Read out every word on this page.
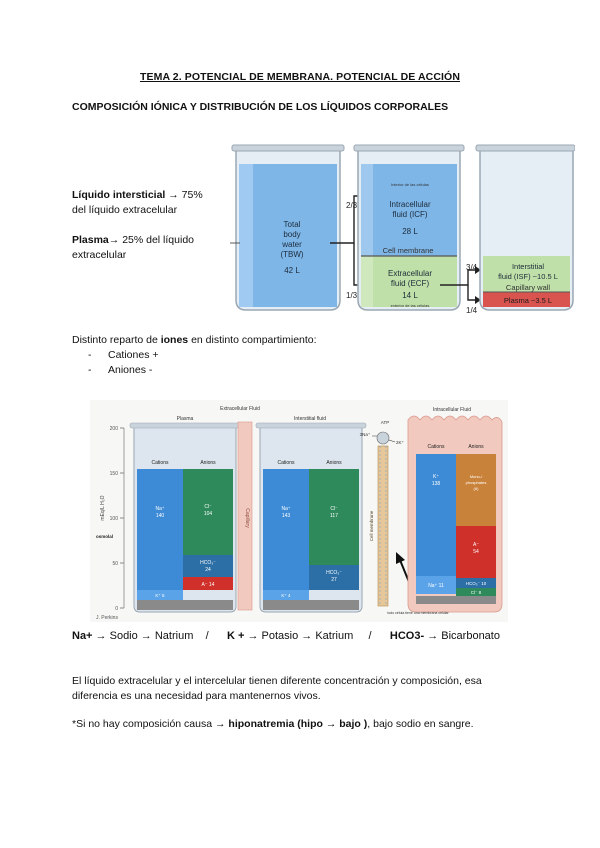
TEMA 2. POTENCIAL DE MEMBRANA. POTENCIAL DE ACCIÓN
COMPOSICIÓN IÓNICA Y DISTRIBUCIÓN DE LOS LÍQUIDOS CORPORALES
Líquido intersticial → 75%
del líquido extracelular
Plasma→ 25% del líquido
extracelular
Total
body
water
(TBW)
42 L
2/3
1/3
Interior de las células
Intracellular
fluid (ICF)
28 L
Cell membrane
Extracellular
fluid (ECF)
14 L
exterior de las células
3/4
1/4
Interstitial
fluid (ISF) ~10.5 L
Capillary wall
Plasma ~3.5 L
Distinto reparto de iones en distinto compartimiento:
- Cationes +
- Aniones -
200
150
100
50
0
mEq/L H₂O
osmolal
Extracellular Fluid
Plasma	Interstitial fluid
Intracellular Fluid
Cations	Anions
Na⁺
140
Cl⁻
104
HCO₃⁻
24
A⁻ 14
K⁺ 5
Capillary
Cations	Anions
Na⁺
143
Cl⁻
117
HCO₃⁻
27
K⁺ 4
Cell membrane
ATP
3Na⁺
2K⁺
Cations	Anions
K⁺
138
Mono-/
phosphates
(6)
A⁻
54
Na⁺ 11	HCO₃⁻ 10
Cl⁻ 8
J. Perkins
todo célula tiene una membrana celular
Na+ → Sodio → Natrium    /      K + → Potasio → Katrium     /      HCO3- → Bicarbonato
El líquido extracelular y el intercelular tienen diferente concentración y composición, esa
diferencia es una necesidad para mantenernos vivos.
*Si no hay composición causa → hiponatremia (hipo → bajo ), bajo sodio en sangre.
